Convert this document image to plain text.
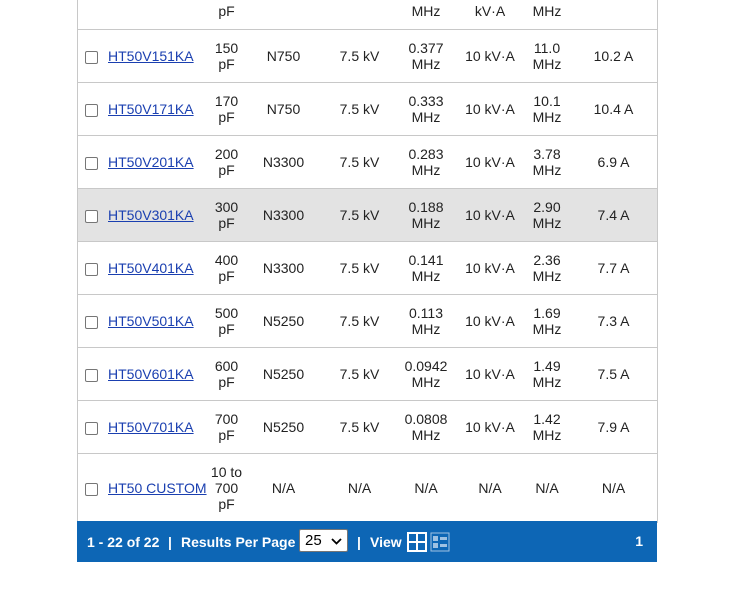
		pF			MHz	kV·A	MHz	
	HT50V151KA	150 pF	N750	7.5 kV	0.377 MHz	10 kV·A	11.0 MHz	10.2 A
	HT50V171KA	170 pF	N750	7.5 kV	0.333 MHz	10 kV·A	10.1 MHz	10.4 A
	HT50V201KA	200 pF	N3300	7.5 kV	0.283 MHz	10 kV·A	3.78 MHz	6.9 A
	HT50V301KA	300 pF	N3300	7.5 kV	0.188 MHz	10 kV·A	2.90 MHz	7.4 A
	HT50V401KA	400 pF	N3300	7.5 kV	0.141 MHz	10 kV·A	2.36 MHz	7.7 A
	HT50V501KA	500 pF	N5250	7.5 kV	0.113 MHz	10 kV·A	1.69 MHz	7.3 A
	HT50V601KA	600 pF	N5250	7.5 kV	0.0942 MHz	10 kV·A	1.49 MHz	7.5 A
	HT50V701KA	700 pF	N5250	7.5 kV	0.0808 MHz	10 kV·A	1.42 MHz	7.9 A
	HT50 CUSTOM	10 to 700 pF	N/A	N/A	N/A	N/A	N/A	N/A
1 - 22 of 22 | Results Per Page 25	| View	1
